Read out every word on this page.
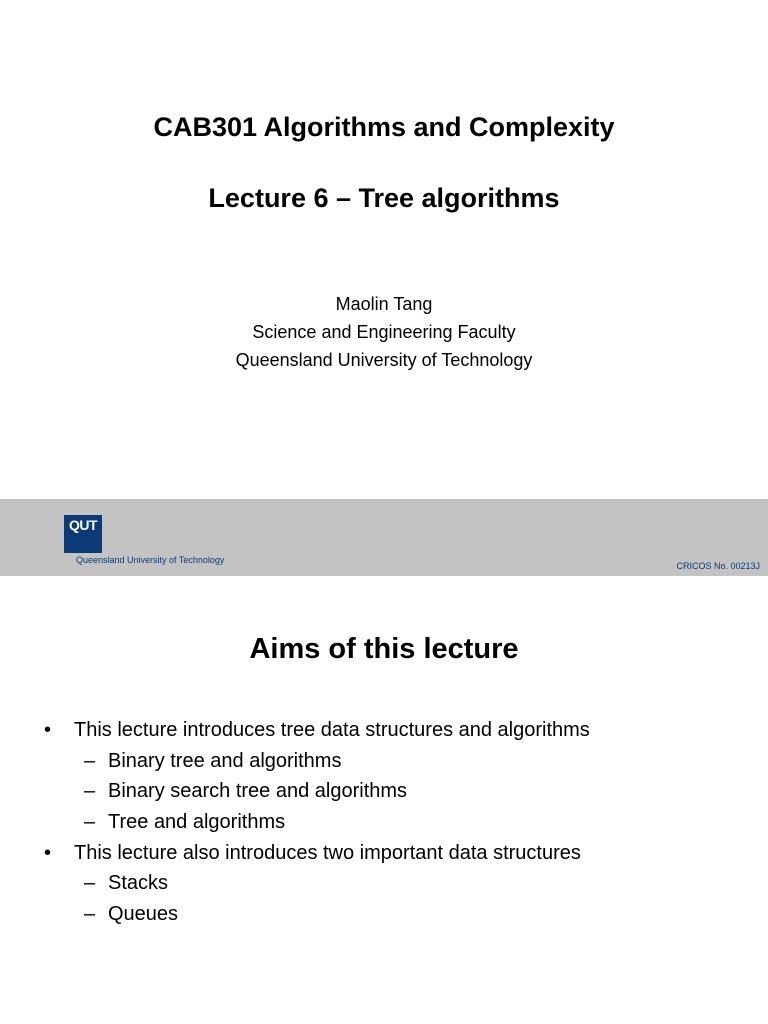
CAB301 Algorithms and Complexity
Lecture 6 – Tree algorithms
Maolin Tang
Science and Engineering Faculty
Queensland University of Technology
QUT
Queensland University of Technology
CRICOS No. 00213J
Aims of this lecture
• This lecture introduces tree data structures and algorithms
– Binary tree and algorithms
– Binary search tree and algorithms
– Tree and algorithms
• This lecture also introduces two important data structures
– Stacks
– Queues
